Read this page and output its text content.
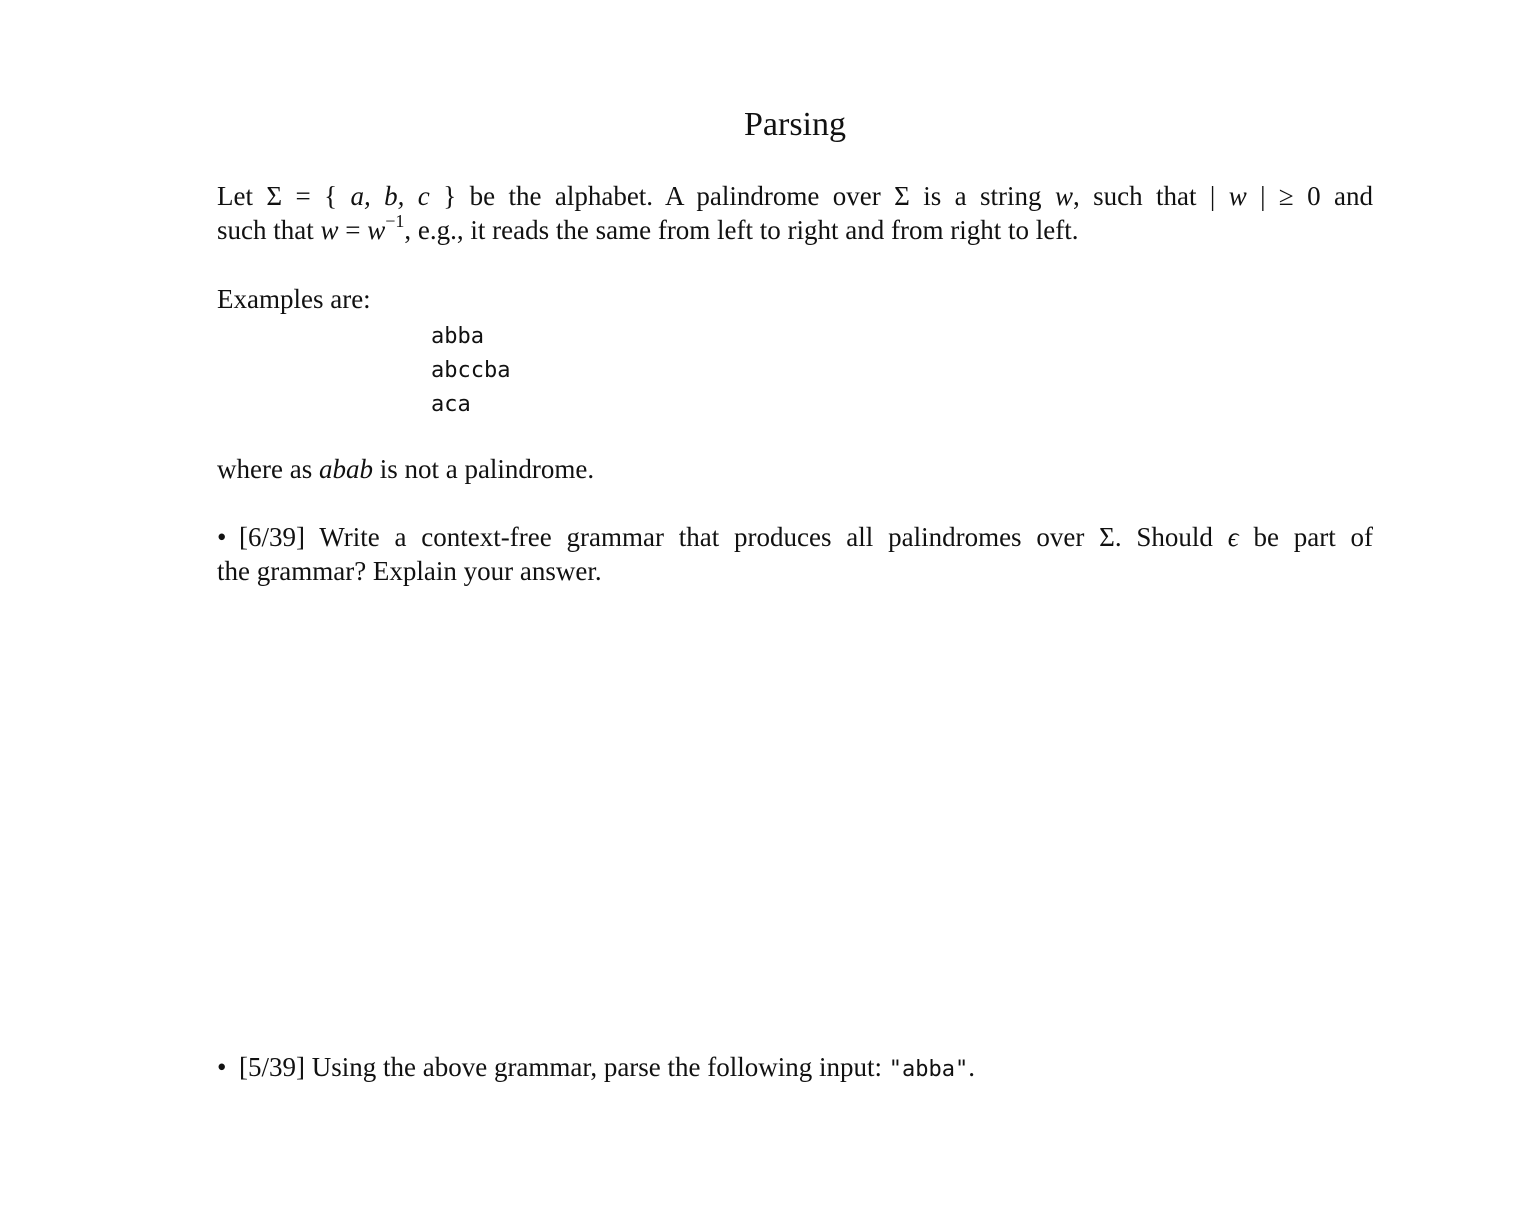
Parsing
Let Σ = { a, b, c } be the alphabet. A palindrome over Σ is a string w, such that | w | ≥ 0 and
such that $w = w^{-1}$, e.g., it reads the same from left to right and from right to left.
Examples are:
abba
abccba
aca
where as abab is not a palindrome.
• [6/39] Write a context-free grammar that produces all palindromes over Σ. Should ϵ be part of
the grammar? Explain your answer.
• [5/39] Using the above grammar, parse the following input: "abba".
